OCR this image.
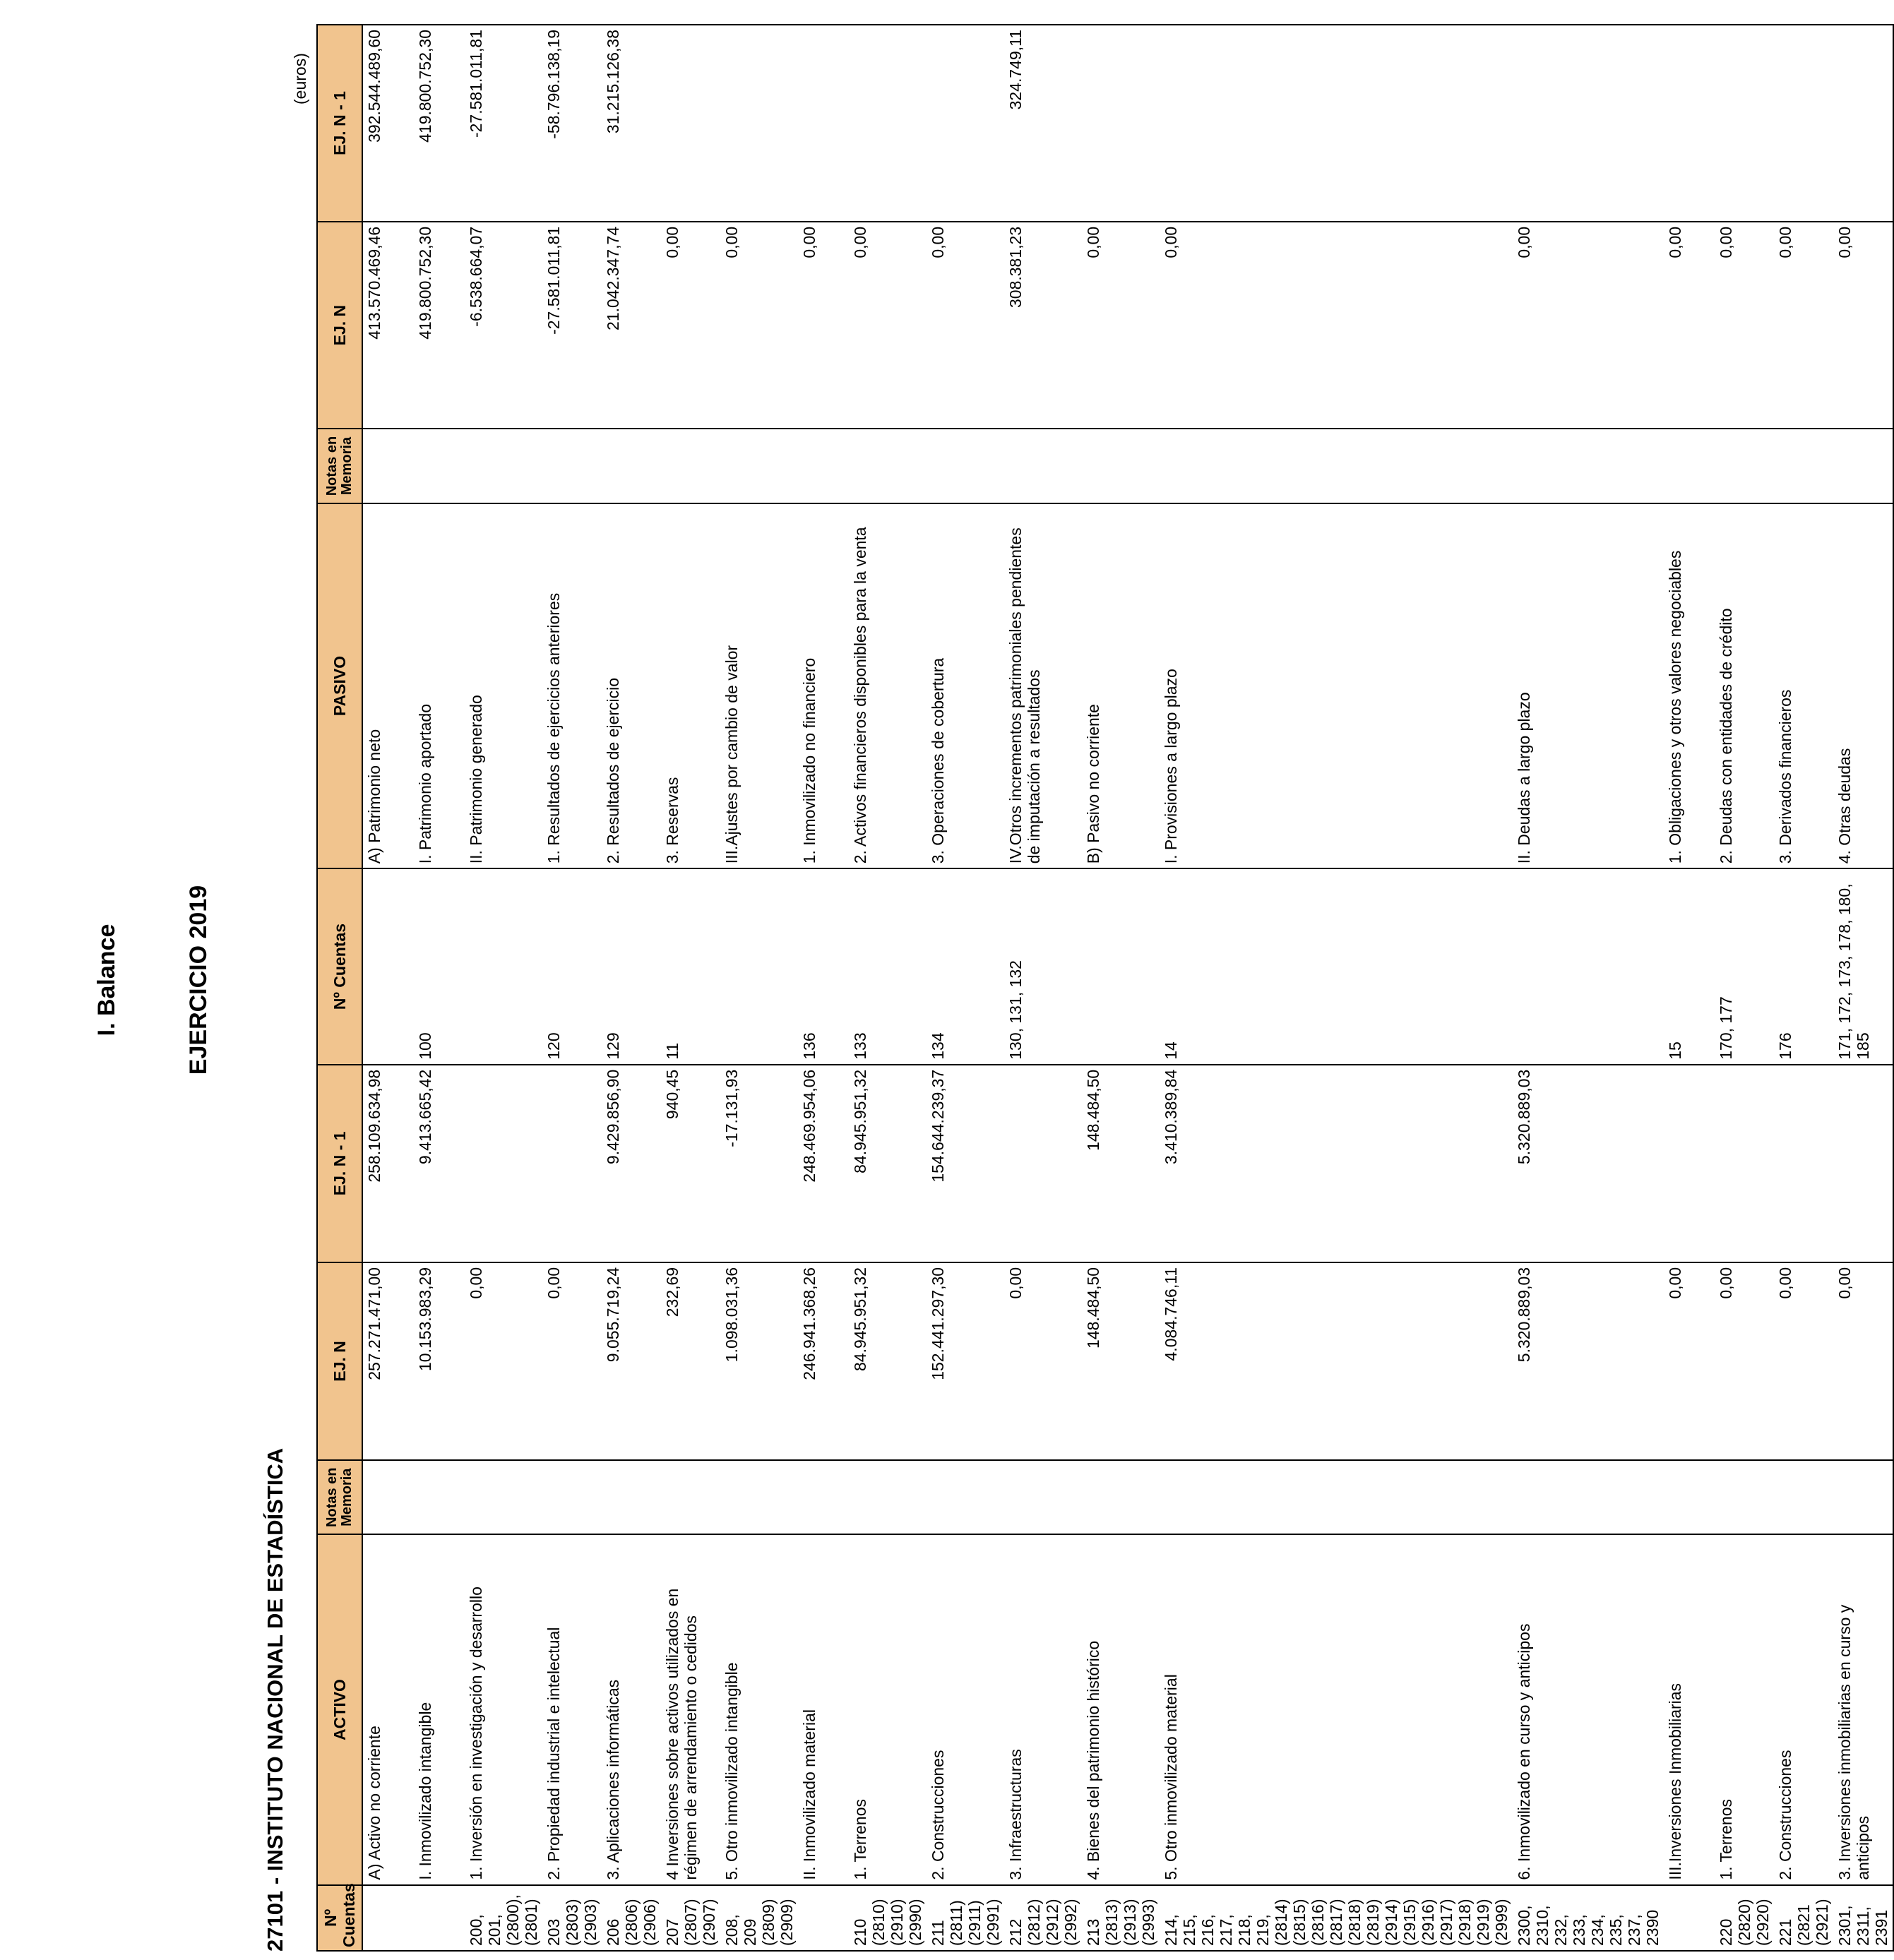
I. Balance	EJERCICIO 2019
27101 - INSTITUTO NACIONAL DE ESTADÍSTICA
(euros)
Nº Cuentas	ACTIVO	Notas en Memoria	EJ. N	EJ. N - 1	Nº Cuentas	PASIVO	Notas en Memoria	EJ. N	EJ. N - 1
	A) Activo no corriente		257.271.471,00	258.109.634,98		A) Patrimonio neto		413.570.469,46	392.544.489,60
	I. Inmovilizado intangible		10.153.983,29	9.413.665,42	100	I. Patrimonio aportado		419.800.752,30	419.800.752,30
200, 201, (2800), (2801)	1. Inversión en investigación y desarrollo		0,00			II. Patrimonio generado		-6.538.664,07	-27.581.011,81
203 (2803) (2903)	2. Propiedad industrial e intelectual		0,00		120	1. Resultados de ejercicios anteriores		-27.581.011,81	-58.796.138,19
206 (2806) (2906)	3. Aplicaciones informáticas		9.055.719,24	9.429.856,90	129	2. Resultados de ejercicio		21.042.347,74	31.215.126,38
207 (2807) (2907)	4 Inversiones sobre activos utilizados en régimen de arrendamiento o cedidos		232,69	940,45	11	3. Reservas		0,00	
208, 209 (2809) (2909)	5. Otro inmovilizado intangible		1.098.031,36	-17.131,93		III.Ajustes por cambio de valor		0,00	
	II. Inmovilizado material		246.941.368,26	248.469.954,06	136	1. Inmovilizado no financiero		0,00	
210 (2810) (2910) (2990)	1. Terrenos		84.945.951,32	84.945.951,32	133	2. Activos financieros disponibles para la venta		0,00	
211 (2811) (2911) (2991)	2. Construcciones		152.441.297,30	154.644.239,37	134	3. Operaciones de cobertura		0,00	
212 (2812) (2912) (2992)	3. Infraestructuras		0,00		130, 131, 132	IV.Otros incrementos patrimoniales pendientes de imputación a resultados		308.381,23	324.749,11
213 (2813) (2913) (2993)	4. Bienes del patrimonio histórico		148.484,50	148.484,50		B) Pasivo no corriente		0,00	
214, 215, 216, 217, 218, 219, (2814) (2815) (2816) (2817) (2818) (2819) (2914) (2915) (2916) (2917) (2918) (2919) (2999)	5. Otro inmovilizado material		4.084.746,11	3.410.389,84	14	I. Provisiones a largo plazo		0,00	
2300, 2310, 232, 233, 234, 235, 237, 2390	6. Inmovilizado en curso y anticipos		5.320.889,03	5.320.889,03		II. Deudas a largo plazo		0,00	
	III.Inversiones Inmobiliarias		0,00		15	1. Obligaciones y otros valores negociables		0,00	
220 (2820) (2920)	1. Terrenos		0,00		170, 177	2. Deudas con entidades de crédito		0,00	
221 (2821 (2921)	2. Construcciones		0,00		176	3. Derivados financieros		0,00	
2301, 2311, 2391	3. Inversiones inmobiliarias en curso y anticipos		0,00		171, 172, 173, 178, 180, 185	4. Otras deudas		0,00	
